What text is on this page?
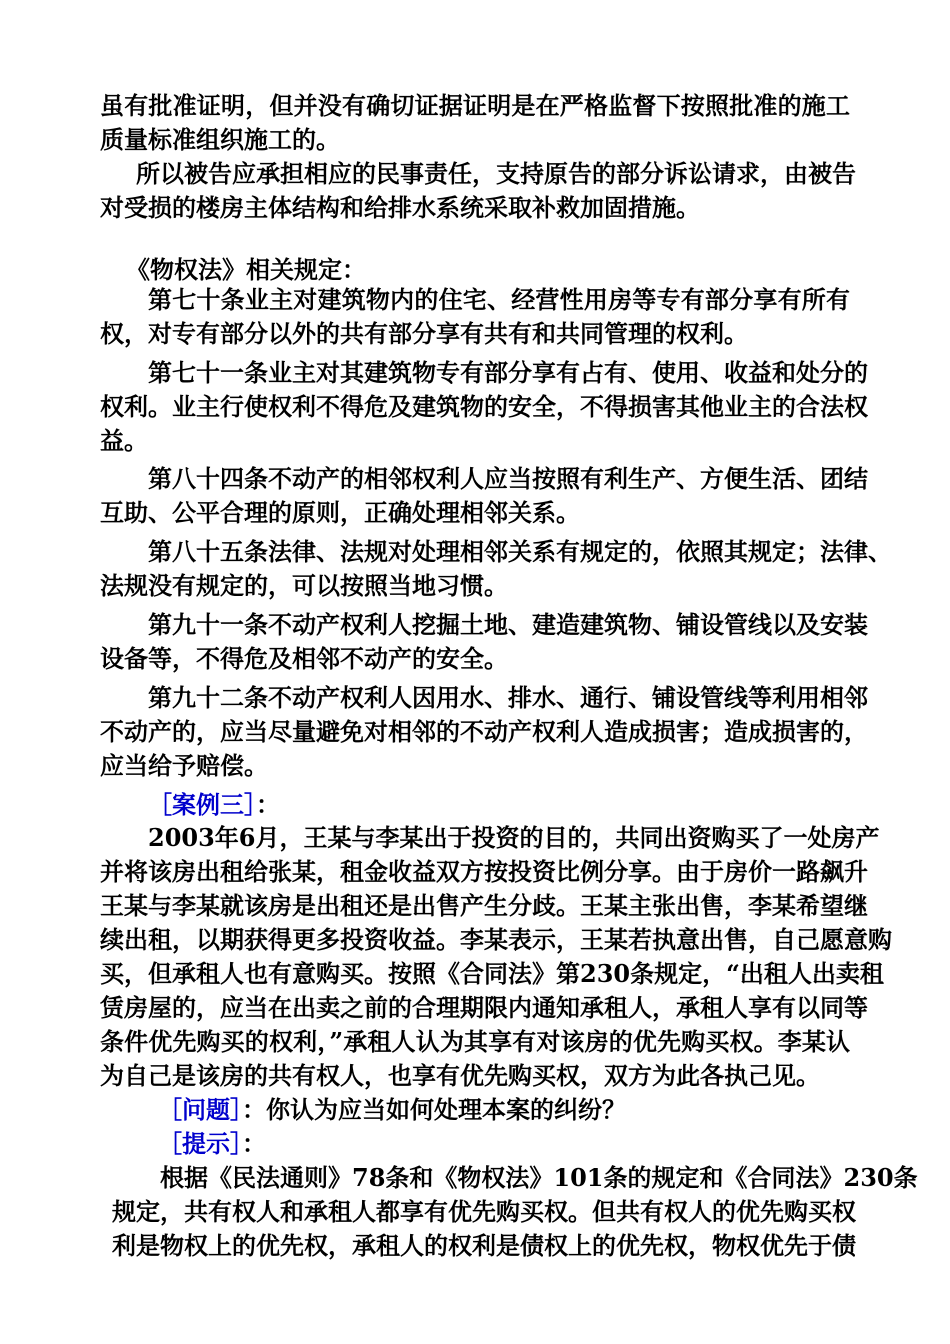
虽有批准证明，但并没有确切证据证明是在严格监督下按照批准的施工
质量标准组织施工的。
所以被告应承担相应的民事责任，支持原告的部分诉讼请求，由被告
对受损的楼房主体结构和给排水系统采取补救加固措施。
《物权法》相关规定：
第七十条业主对建筑物内的住宅、经营性用房等专有部分享有所有
权，对专有部分以外的共有部分享有共有和共同管理的权利。
第七十一条业主对其建筑物专有部分享有占有、使用、收益和处分的
权利。业主行使权利不得危及建筑物的安全，不得损害其他业主的合法权
益。
第八十四条不动产的相邻权利人应当按照有利生产、方便生活、团结
互助、公平合理的原则，正确处理相邻关系。
第八十五条法律、法规对处理相邻关系有规定的，依照其规定；法律、
法规没有规定的，可以按照当地习惯。
第九十一条不动产权利人挖掘土地、建造建筑物、铺设管线以及安装
设备等，不得危及相邻不动产的安全。
第九十二条不动产权利人因用水、排水、通行、铺设管线等利用相邻
不动产的，应当尽量避免对相邻的不动产权利人造成损害；造成损害的，
应当给予赔偿。
［案例三］：
2003年6月，王某与李某出于投资的目的，共同出资购买了一处房产
并将该房出租给张某，租金收益双方按投资比例分享。由于房价一路飙升
王某与李某就该房是出租还是出售产生分歧。王某主张出售，李某希望继
续出租，以期获得更多投资收益。李某表示，王某若执意出售，自己愿意购
买，但承租人也有意购买。按照《合同法》第230条规定，“出租人出卖租
赁房屋的，应当在出卖之前的合理期限内通知承租人，承租人享有以同等
条件优先购买的权利，”承租人认为其享有对该房的优先购买权。李某认
为自己是该房的共有权人，也享有优先购买权，双方为此各执己见。
［问题］：你认为应当如何处理本案的纠纷？
［提示］：
根据《民法通则》78条和《物权法》101条的规定和《合同法》230条
规定，共有权人和承租人都享有优先购买权。但共有权人的优先购买权
利是物权上的优先权，承租人的权利是债权上的优先权，物权优先于债
